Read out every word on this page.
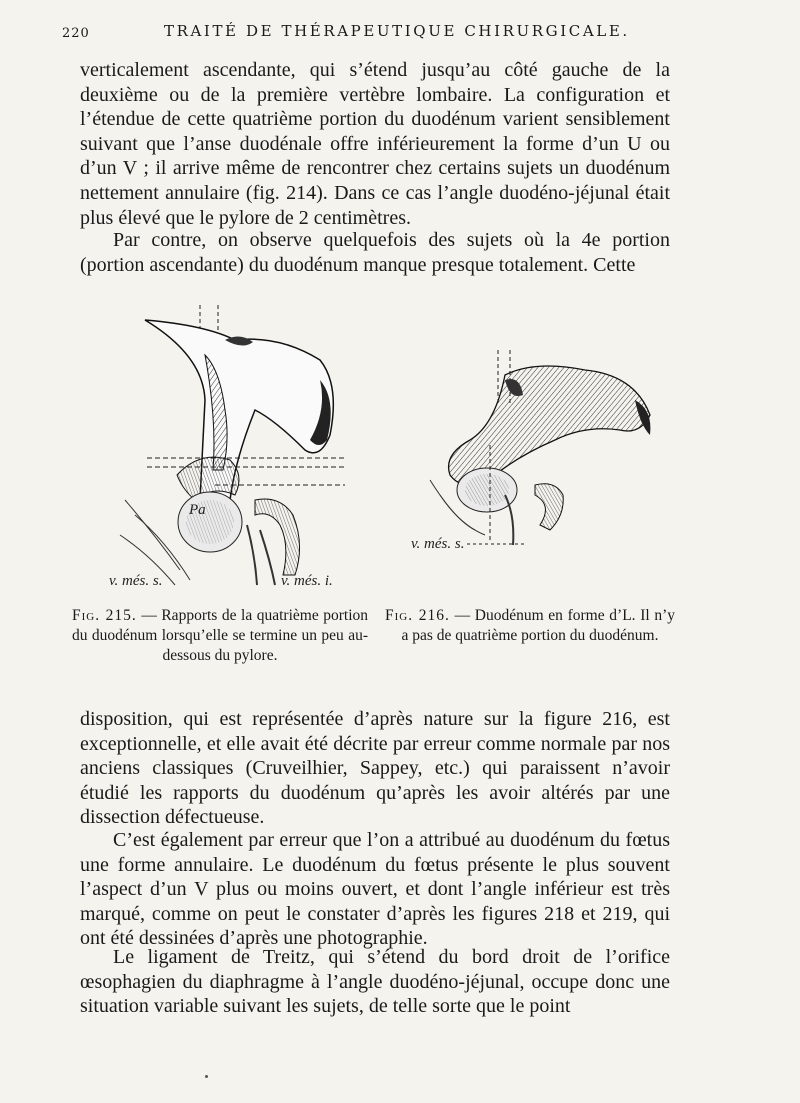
220	TRAITÉ DE THÉRAPEUTIQUE CHIRURGICALE.

verticalement ascendante, qui s’étend jusqu’au côté gauche de la deuxième ou de la première vertèbre lombaire. La configuration et l’étendue de cette quatrième portion du duodénum varient sensiblement suivant que l’anse duodénale offre inférieurement la forme d’un U ou d’un V ; il arrive même de rencontrer chez certains sujets un duodénum nettement annulaire (fig. 214). Dans ce cas l’angle duodéno-jéjunal était plus élevé que le pylore de 2 centimètres.

Par contre, on observe quelquefois des sujets où la 4e portion (portion ascendante) du duodénum manque presque totalement. Cette

Pa
v. més. s.	v. més. i.
v. més. s.
Fig. 215. — Rapports de la quatrième portion du duodénum lorsqu’elle se termine un peu au-dessous du pylore.
Fig. 216. — Duodénum en forme d’L. Il n’y a pas de quatrième portion du duodénum.

disposition, qui est représentée d’après nature sur la figure 216, est exceptionnelle, et elle avait été décrite par erreur comme normale par nos anciens classiques (Cruveilhier, Sappey, etc.) qui paraissent n’avoir étudié les rapports du duodénum qu’après les avoir altérés par une dissection défectueuse.

C’est également par erreur que l’on a attribué au duodénum du fœtus une forme annulaire. Le duodénum du fœtus présente le plus souvent l’aspect d’un V plus ou moins ouvert, et dont l’angle inférieur est très marqué, comme on peut le constater d’après les figures 218 et 219, qui ont été dessinées d’après une photographie.

Le ligament de Treitz, qui s’étend du bord droit de l’orifice œsophagien du diaphragme à l’angle duodéno-jéjunal, occupe donc une situation variable suivant les sujets, de telle sorte que le point
